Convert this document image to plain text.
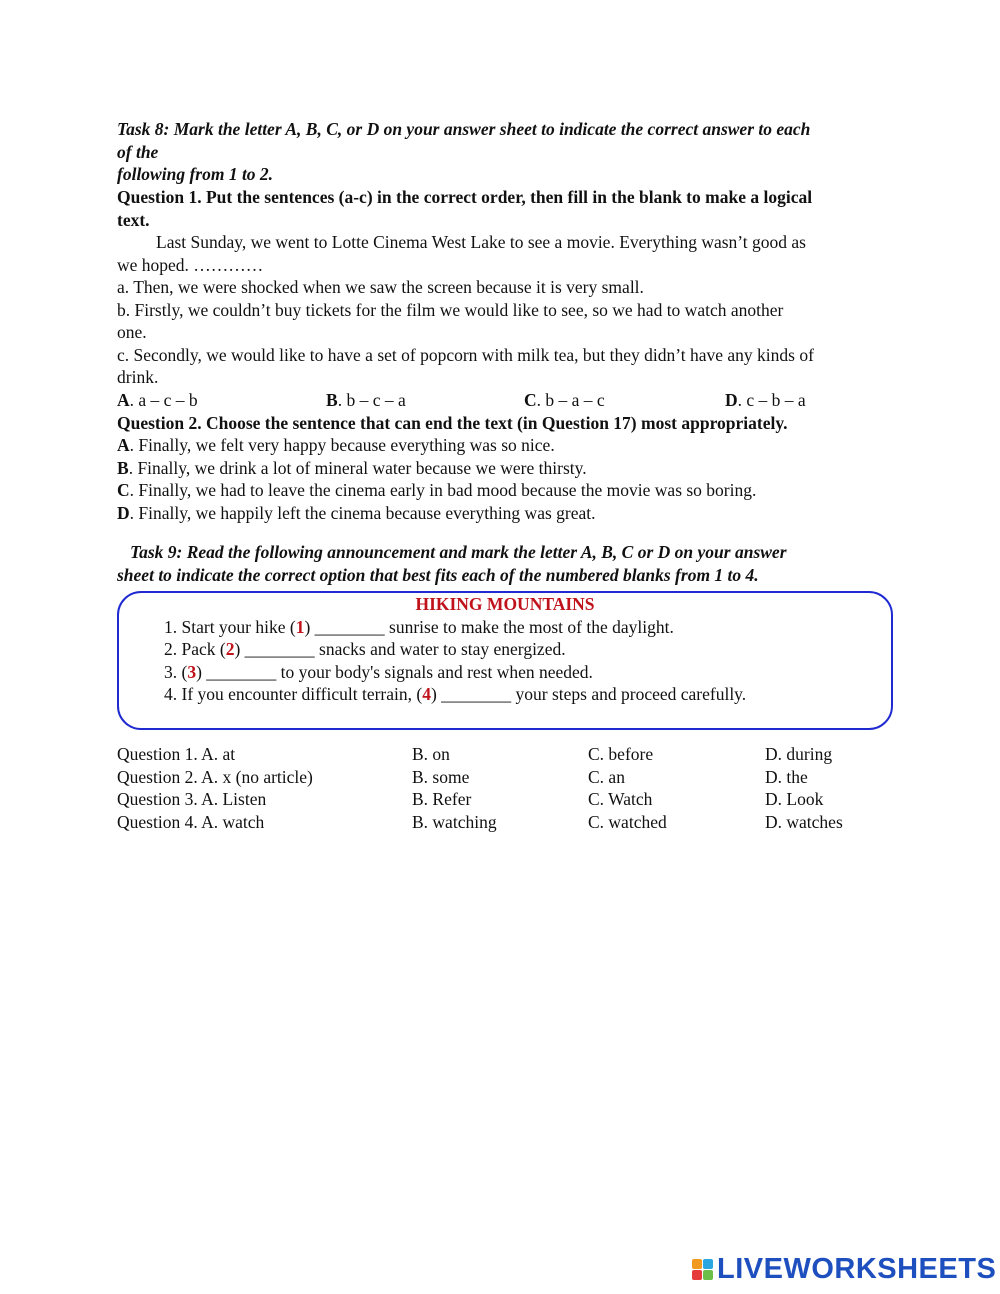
Task 8: Mark the letter A, B, C, or D on your answer sheet to indicate the correct answer to each
of the
following from 1 to 2.
Question 1. Put the sentences (a-c) in the correct order, then fill in the blank to make a logical
text.
Last Sunday, we went to Lotte Cinema West Lake to see a movie. Everything wasn’t good as
we hoped. …………
a. Then, we were shocked when we saw the screen because it is very small.
b. Firstly, we couldn’t buy tickets for the film we would like to see, so we had to watch another
one.
c. Secondly, we would like to have a set of popcorn with milk tea, but they didn’t have any kinds of
drink.
A. a – c – b	B. b – c – a	C. b – a – c	D. c – b – a
Question 2. Choose the sentence that can end the text (in Question 17) most appropriately.
A. Finally, we felt very happy because everything was so nice.
B. Finally, we drink a lot of mineral water because we were thirsty.
C. Finally, we had to leave the cinema early in bad mood because the movie was so boring.
D. Finally, we happily left the cinema because everything was great.
Task 9: Read the following announcement and mark the letter A, B, C or D on your answer
sheet to indicate the correct option that best fits each of the numbered blanks from 1 to 4.
HIKING MOUNTAINS
1. Start your hike (1) ________ sunrise to make the most of the daylight.
2. Pack (2) ________ snacks and water to stay energized.
3. (3) ________ to your body's signals and rest when needed.
4. If you encounter difficult terrain, (4) ________ your steps and proceed carefully.
Question 1. A. at	B. on	C. before	D. during
Question 2. A. x (no article)	B. some	C. an	D. the
Question 3. A. Listen	B. Refer	C. Watch	D. Look
Question 4. A. watch	B. watching	C. watched	D. watches
LIVEWORKSHEETS
